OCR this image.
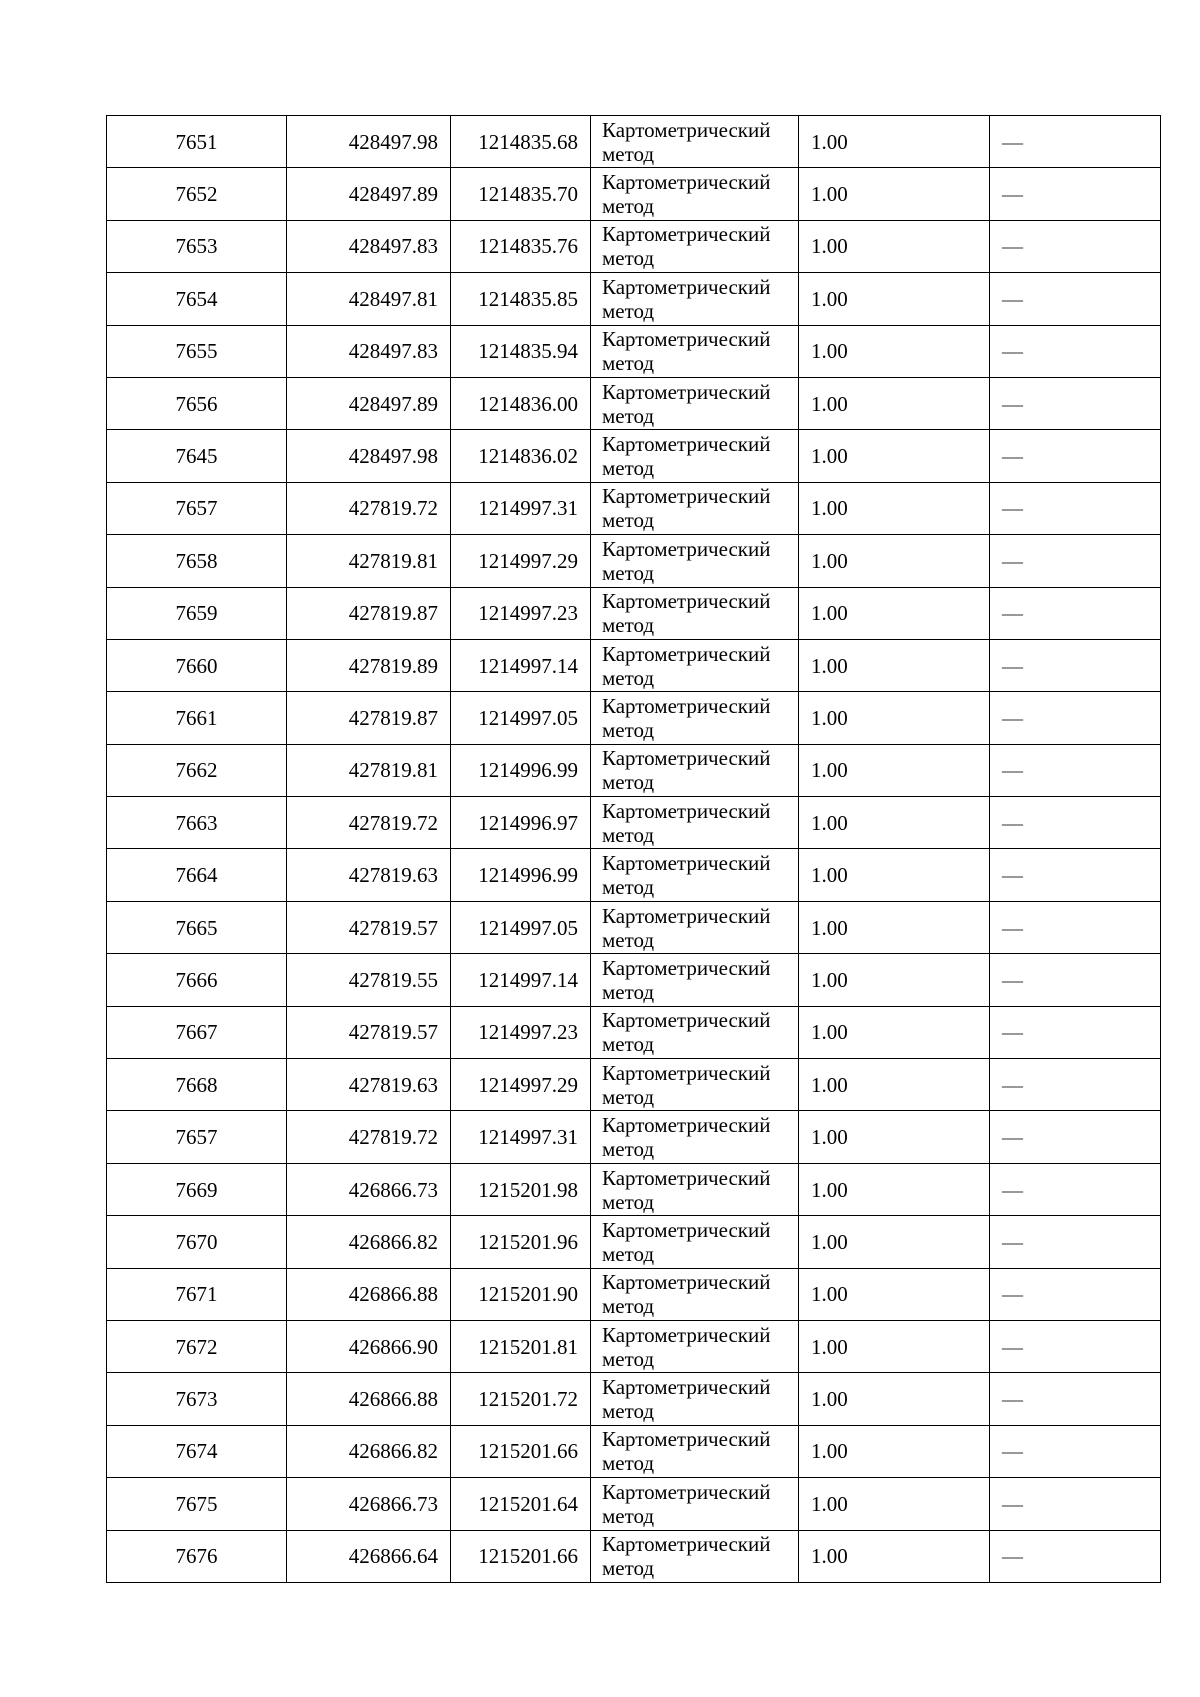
7651	428497.98	1214835.68	Картометрический метод	1.00	—
7652	428497.89	1214835.70	Картометрический метод	1.00	—
7653	428497.83	1214835.76	Картометрический метод	1.00	—
7654	428497.81	1214835.85	Картометрический метод	1.00	—
7655	428497.83	1214835.94	Картометрический метод	1.00	—
7656	428497.89	1214836.00	Картометрический метод	1.00	—
7645	428497.98	1214836.02	Картометрический метод	1.00	—
7657	427819.72	1214997.31	Картометрический метод	1.00	—
7658	427819.81	1214997.29	Картометрический метод	1.00	—
7659	427819.87	1214997.23	Картометрический метод	1.00	—
7660	427819.89	1214997.14	Картометрический метод	1.00	—
7661	427819.87	1214997.05	Картометрический метод	1.00	—
7662	427819.81	1214996.99	Картометрический метод	1.00	—
7663	427819.72	1214996.97	Картометрический метод	1.00	—
7664	427819.63	1214996.99	Картометрический метод	1.00	—
7665	427819.57	1214997.05	Картометрический метод	1.00	—
7666	427819.55	1214997.14	Картометрический метод	1.00	—
7667	427819.57	1214997.23	Картометрический метод	1.00	—
7668	427819.63	1214997.29	Картометрический метод	1.00	—
7657	427819.72	1214997.31	Картометрический метод	1.00	—
7669	426866.73	1215201.98	Картометрический метод	1.00	—
7670	426866.82	1215201.96	Картометрический метод	1.00	—
7671	426866.88	1215201.90	Картометрический метод	1.00	—
7672	426866.90	1215201.81	Картометрический метод	1.00	—
7673	426866.88	1215201.72	Картометрический метод	1.00	—
7674	426866.82	1215201.66	Картометрический метод	1.00	—
7675	426866.73	1215201.64	Картометрический метод	1.00	—
7676	426866.64	1215201.66	Картометрический метод	1.00	—
